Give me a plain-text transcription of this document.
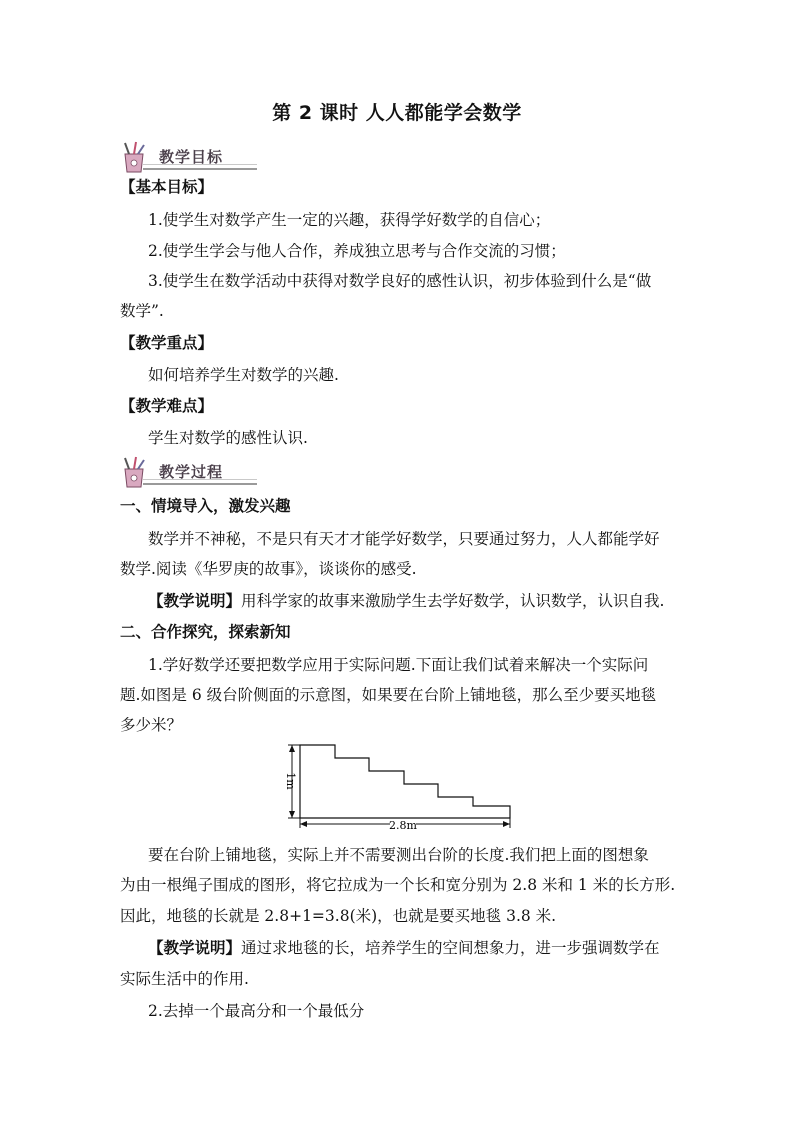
第 2 课时 人人都能学会数学
教学目标
【基本目标】
1.使学生对数学产生一定的兴趣，获得学好数学的自信心；
2.使学生学会与他人合作，养成独立思考与合作交流的习惯；
3.使学生在数学活动中获得对数学良好的感性认识，初步体验到什么是“做
数学”.
【教学重点】
如何培养学生对数学的兴趣.
【教学难点】
学生对数学的感性认识.
教学过程
一、情境导入，激发兴趣
数学并不神秘，不是只有天才才能学好数学，只要通过努力，人人都能学好
数学.阅读《华罗庚的故事》，谈谈你的感受.
【教学说明】用科学家的故事来激励学生去学好数学，认识数学，认识自我.
二、合作探究，探索新知
1.学好数学还要把数学应用于实际问题.下面让我们试着来解决一个实际问
题.如图是 6 级台阶侧面的示意图，如果要在台阶上铺地毯，那么至少要买地毯
多少米？
2.8m
1m
要在台阶上铺地毯，实际上并不需要测出台阶的长度.我们把上面的图想象
为由一根绳子围成的图形，将它拉成为一个长和宽分别为 2.8 米和 1 米的长方形.
因此，地毯的长就是 2.8+1=3.8(米)，也就是要买地毯 3.8 米.
【教学说明】通过求地毯的长，培养学生的空间想象力，进一步强调数学在
实际生活中的作用.
2.去掉一个最高分和一个最低分
